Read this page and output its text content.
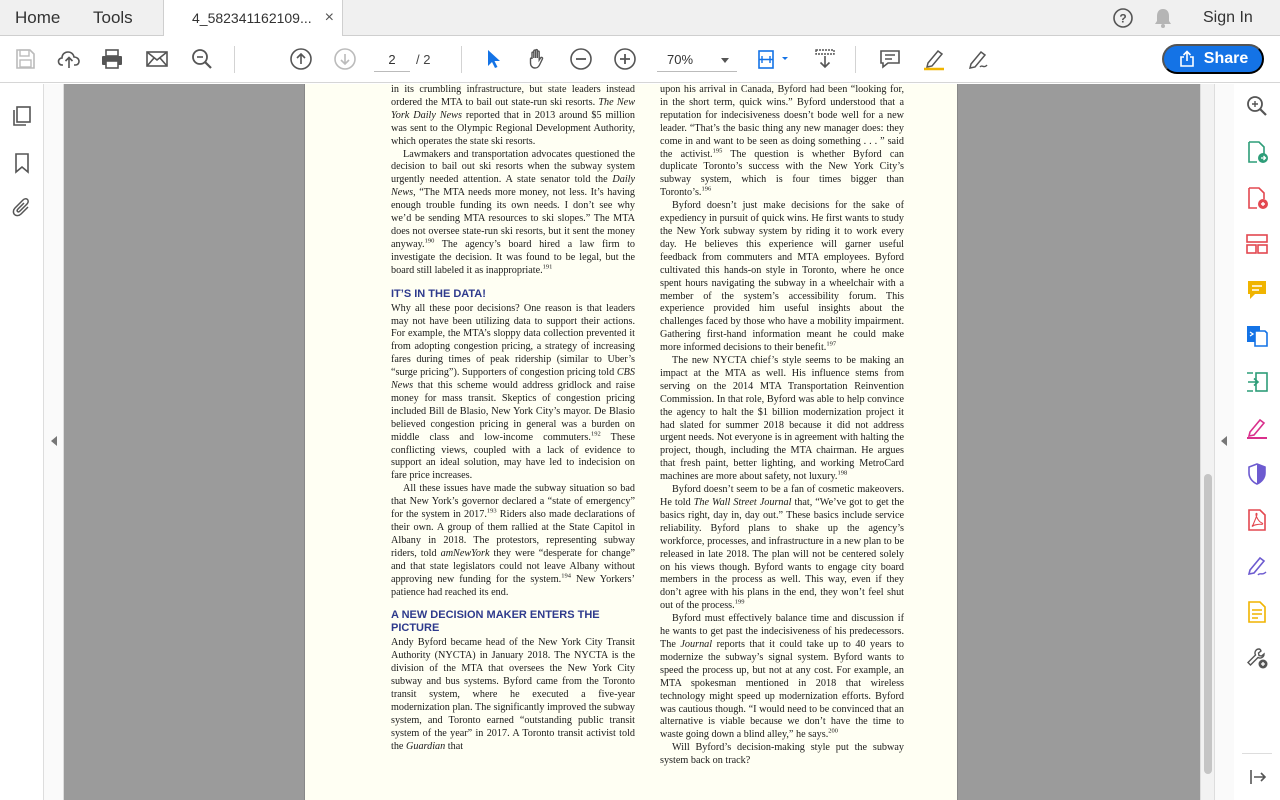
Home Tools	4_582341162109... ×	?	Sign In
2
/ 2	70%	Share

in its crumbling infrastructure, but state leaders instead ordered the MTA to bail out state-run ski resorts. The New York Daily News reported that in 2013 around $5 million was sent to the Olympic Regional Development Authority, which operates the state ski resorts.

Lawmakers and transportation advocates questioned the decision to bail out ski resorts when the subway system urgently needed attention. A state senator told the Daily News, “The MTA needs more money, not less. It’s having enough trouble funding its own needs. I don’t see why we’d be sending MTA resources to ski slopes.” The MTA does not oversee state-run ski resorts, but it sent the money anyway.$^{190}$ The agency’s board hired a law firm to investigate the decision. It was found to be legal, but the board still labeled it as inappropriate.$^{191}$

IT’S IN THE DATA!

Why all these poor decisions? One reason is that leaders may not have been utilizing data to support their actions. For example, the MTA’s sloppy data collection prevented it from adopting congestion pricing, a strategy of increasing fares during times of peak ridership (similar to Uber’s “surge pricing”). Supporters of congestion pricing told CBS News that this scheme would address gridlock and raise money for mass transit. Skeptics of congestion pricing included Bill de Blasio, New York City’s mayor. De Blasio believed congestion pricing in general was a burden on middle class and low-income commuters.$^{192}$ These conflicting views, coupled with a lack of evidence to support an ideal solution, may have led to indecision on fare price increases.

All these issues have made the subway situation so bad that New York’s governor declared a “state of emergency” for the system in 2017.$^{193}$ Riders also made declarations of their own. A group of them rallied at the State Capitol in Albany in 2018. The protestors, representing subway riders, told amNewYork they were “desperate for change” and that state legislators could not leave Albany without approving new funding for the system.$^{194}$ New Yorkers’ patience had reached its end.

A NEW DECISION MAKER ENTERS THE PICTURE

Andy Byford became head of the New York City Transit Authority (NYCTA) in January 2018. The NYCTA is the division of the MTA that oversees the New York City subway and bus systems. Byford came from the Toronto transit system, where he executed a five-year modernization plan. The significantly improved the subway system, and Toronto earned “outstanding public transit system of the year” in 2017. A Toronto transit activist told the Guardian that

upon his arrival in Canada, Byford had been “looking for, in the short term, quick wins.” Byford understood that a reputation for indecisiveness doesn’t bode well for a new leader. “That’s the basic thing any new manager does: they come in and want to be seen as doing something . . . ” said the activist.$^{195}$ The question is whether Byford can duplicate Toronto’s success with the New York City’s subway system, which is four times bigger than Toronto’s.$^{196}$

Byford doesn’t just make decisions for the sake of expediency in pursuit of quick wins. He first wants to study the New York subway system by riding it to work every day. He believes this experience will garner useful feedback from commuters and MTA employees. Byford cultivated this hands-on style in Toronto, where he once spent hours navigating the subway in a wheelchair with a member of the system’s accessibility forum. This experience provided him useful insights about the challenges faced by those who have a mobility impairment. Gathering first-hand information meant he could make more informed decisions to their benefit.$^{197}$

The new NYCTA chief’s style seems to be making an impact at the MTA as well. His influence stems from serving on the 2014 MTA Transportation Reinvention Commission. In that role, Byford was able to help convince the agency to halt the $1 billion modernization project it had slated for summer 2018 because it did not address urgent needs. Not everyone is in agreement with halting the project, though, including the MTA chairman. He argues that fresh paint, better lighting, and working MetroCard machines are more about safety, not luxury.$^{198}$

Byford doesn’t seem to be a fan of cosmetic makeovers. He told The Wall Street Journal that, “We’ve got to get the basics right, day in, day out.” These basics include service reliability. Byford plans to shake up the agency’s workforce, processes, and infrastructure in a new plan to be released in late 2018. The plan will not be centered solely on his views though. Byford wants to engage city board members in the process as well. This way, even if they don’t agree with his plans in the end, they won’t feel shut out of the process.$^{199}$

Byford must effectively balance time and discussion if he wants to get past the indecisiveness of his predecessors. The Journal reports that it could take up to 40 years to modernize the subway’s signal system. Byford wants to speed the process up, but not at any cost. For example, an MTA spokesman mentioned in 2018 that wireless technology might speed up modernization efforts. Byford was cautious though. “I would need to be convinced that an alternative is viable because we don’t have the time to waste going down a blind alley,” he says.$^{200}$

Will Byford’s decision-making style put the subway system back on track?
